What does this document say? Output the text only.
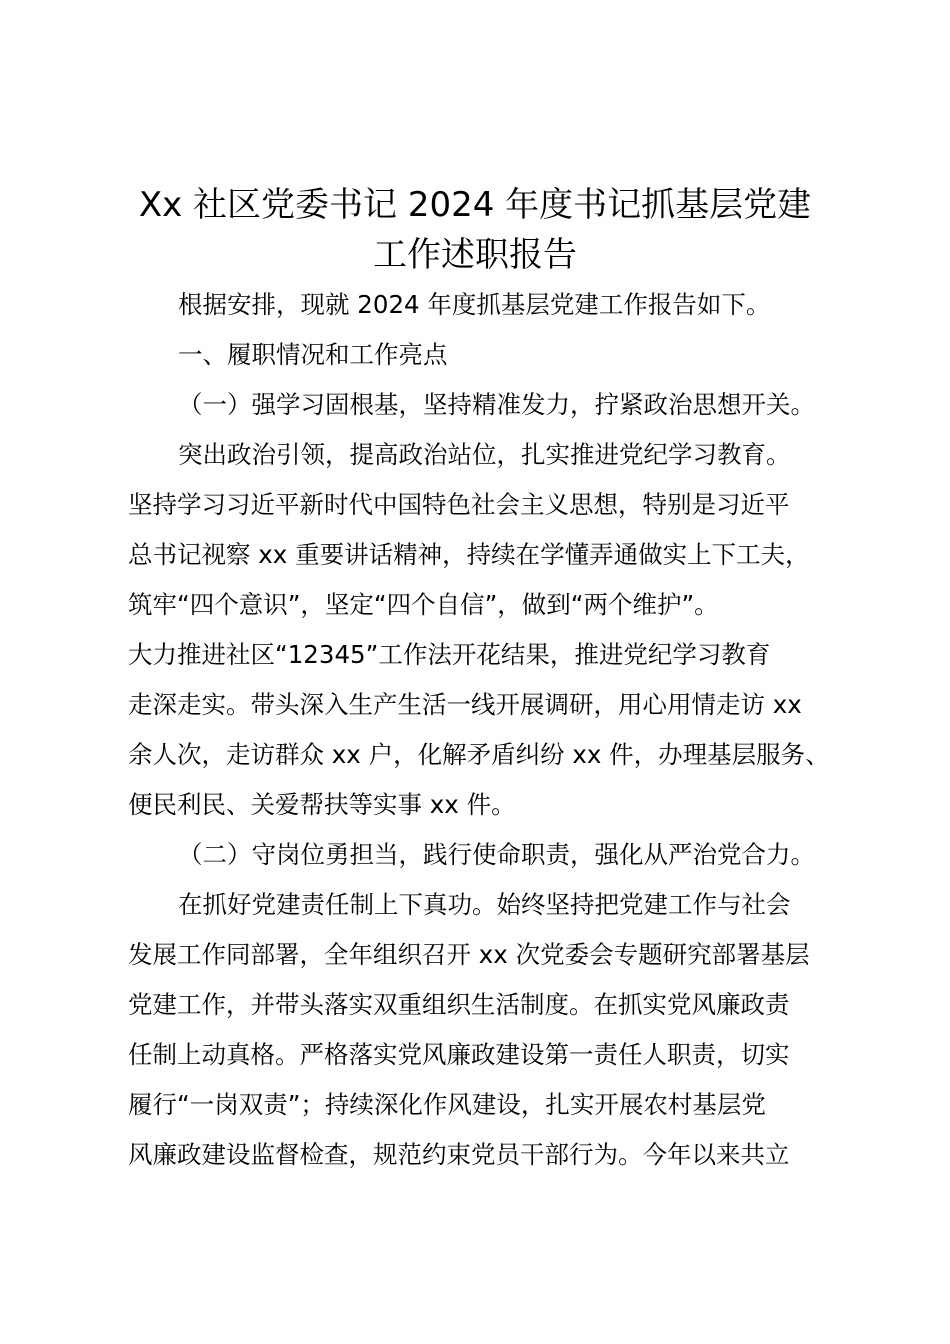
Xx 社区党委书记 2024 年度书记抓基层党建
工作述职报告
根据安排，现就 2024 年度抓基层党建工作报告如下。
一、履职情况和工作亮点
（一）强学习固根基，坚持精准发力，拧紧政治思想开关。
突出政治引领，提高政治站位，扎实推进党纪学习教育。
坚持学习习近平新时代中国特色社会主义思想，特别是习近平
总书记视察 xx 重要讲话精神，持续在学懂弄通做实上下工夫，
筑牢“四个意识”，坚定“四个自信”，做到“两个维护”。
大力推进社区“12345”工作法开花结果，推进党纪学习教育
走深走实。带头深入生产生活一线开展调研，用心用情走访 xx
余人次，走访群众 xx 户，化解矛盾纠纷 xx 件，办理基层服务、
便民利民、关爱帮扶等实事 xx 件。
（二）守岗位勇担当，践行使命职责，强化从严治党合力。
在抓好党建责任制上下真功。始终坚持把党建工作与社会
发展工作同部署，全年组织召开 xx 次党委会专题研究部署基层
党建工作，并带头落实双重组织生活制度。在抓实党风廉政责
任制上动真格。严格落实党风廉政建设第一责任人职责，切实
履行“一岗双责”；持续深化作风建设，扎实开展农村基层党
风廉政建设监督检查，规范约束党员干部行为。今年以来共立
